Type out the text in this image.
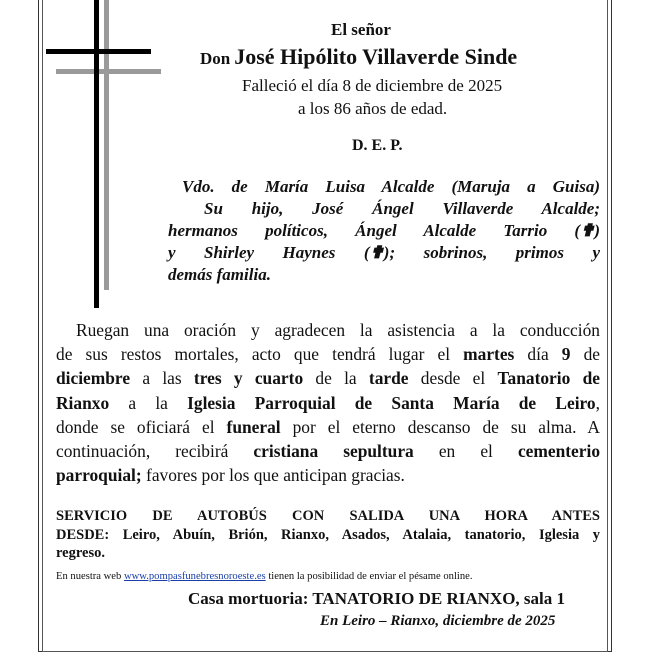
El señor
Don José Hipólito Villaverde Sinde
Falleció el día 8 de diciembre de 2025
a los 86 años de edad.
D. E. P.
Vdo. de María Luisa Alcalde (Maruja a Guisa)
Su hijo, José Ángel Villaverde Alcalde;
hermanos políticos, Ángel Alcalde Tarrio (✟)
y Shirley Haynes (✟); sobrinos, primos y
demás familia.
Ruegan una oración y agradecen la asistencia a la conducción
de sus restos mortales, acto que tendrá lugar el martes día 9 de
diciembre a las tres y cuarto de la tarde desde el Tanatorio de
Rianxo a la Iglesia Parroquial de Santa María de Leiro,
donde se oficiará el funeral por el eterno descanso de su alma. A
continuación, recibirá cristiana sepultura en el cementerio
parroquial; favores por los que anticipan gracias.
SERVICIO DE AUTOBÚS CON SALIDA UNA HORA ANTES
DESDE: Leiro, Abuín, Brión, Rianxo, Asados, Atalaia, tanatorio, Iglesia y
regreso.
En nuestra web www.pompasfunebresnoroeste.es tienen la posibilidad de enviar el pésame online.
Casa mortuoria: TANATORIO DE RIANXO, sala 1
En Leiro – Rianxo, diciembre de 2025
